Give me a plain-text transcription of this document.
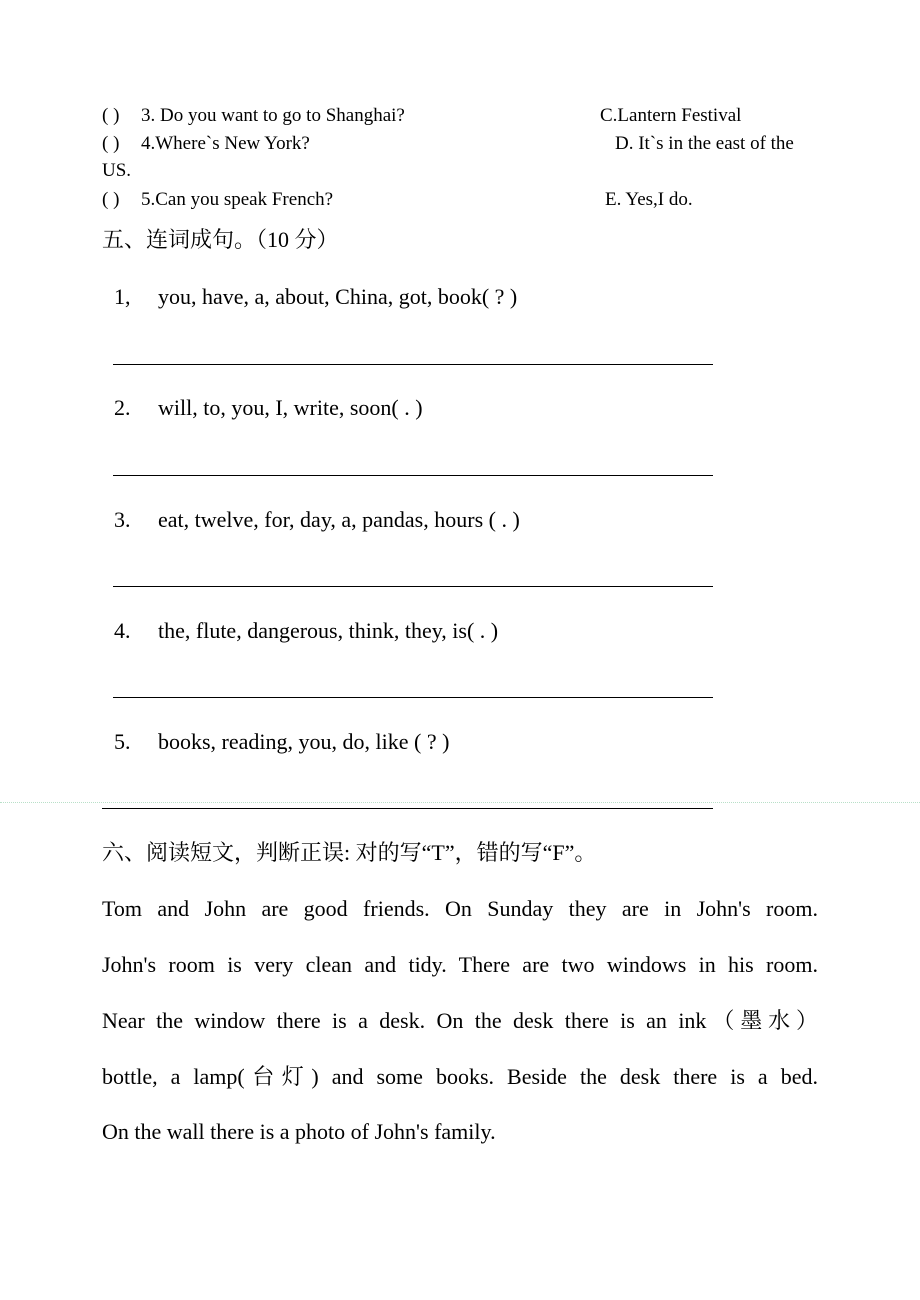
( ) 3. Do you want to go to Shanghai?	C.Lantern Festival
( ) 4.Where`s New York?	D. It`s in the east of the
US.
( ) 5.Can you speak French?	E. Yes,I do.
五、连词成句。（10 分）
1, you, have, a, about, China, got, book( ? )
2. will, to, you, I, write, soon( . )
3. eat, twelve, for, day, a, pandas, hours ( . )
4. the, flute, dangerous, think, they, is( . )
5. books, reading, you, do, like ( ? )
六、阅读短文，判断正误: 对的写“T”，错的写“F”。
Tom and John are good friends. On Sunday they are in John's room.
John's room is very clean and tidy. There are two windows in his room.
Near the window there is a desk. On the desk there is an ink（墨水）
bottle, a lamp(台灯) and some books. Beside the desk there is a bed.
On the wall there is a photo of John's family.
